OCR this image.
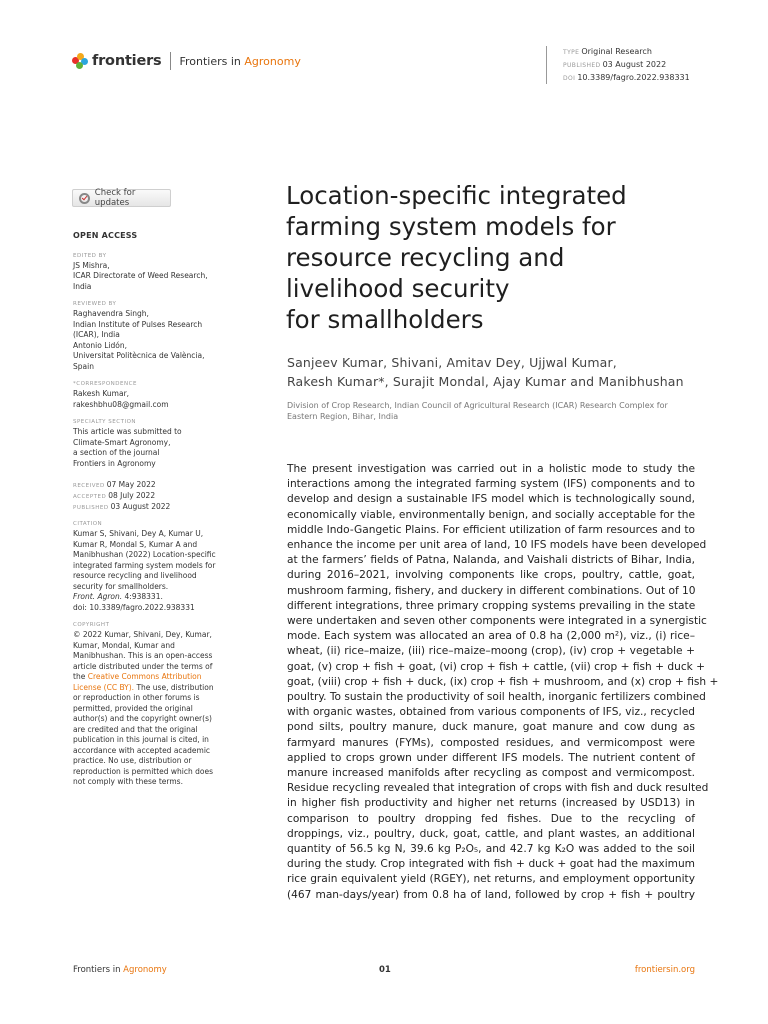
frontiers Frontiers in Agronomy
TYPE Original Research
PUBLISHED 03 August 2022
DOI 10.3389/fagro.2022.938331
Check for updates
OPEN ACCESS
EDITED BY
JS Mishra,
ICAR Directorate of Weed Research,
India
REVIEWED BY
Raghavendra Singh,
Indian Institute of Pulses Research
(ICAR), India
Antonio Lidón,
Universitat Politècnica de València,
Spain
*CORRESPONDENCE
Rakesh Kumar,
rakeshbhu08@gmail.com
SPECIALTY SECTION
This article was submitted to
Climate-Smart Agronomy,
a section of the journal
Frontiers in Agronomy
RECEIVED 07 May 2022
ACCEPTED 08 July 2022
PUBLISHED 03 August 2022
CITATION
Kumar S, Shivani, Dey A, Kumar U,
Kumar R, Mondal S, Kumar A and
Manibhushan (2022) Location-specific
integrated farming system models for
resource recycling and livelihood
security for smallholders.
Front. Agron. 4:938331.
doi: 10.3389/fagro.2022.938331
COPYRIGHT
© 2022 Kumar, Shivani, Dey, Kumar,
Kumar, Mondal, Kumar and
Manibhushan. This is an open-access
article distributed under the terms of
the Creative Commons Attribution
License (CC BY). The use, distribution
or reproduction in other forums is
permitted, provided the original
author(s) and the copyright owner(s)
are credited and that the original
publication in this journal is cited, in
accordance with accepted academic
practice. No use, distribution or
reproduction is permitted which does
not comply with these terms.
Location-specific integrated
farming system models for
resource recycling and
livelihood security
for smallholders
Sanjeev Kumar, Shivani, Amitav Dey, Ujjwal Kumar,
Rakesh Kumar*, Surajit Mondal, Ajay Kumar and Manibhushan
Division of Crop Research, Indian Council of Agricultural Research (ICAR) Research Complex for
Eastern Region, Bihar, India
The present investigation was carried out in a holistic mode to study the
interactions among the integrated farming system (IFS) components and to
develop and design a sustainable IFS model which is technologically sound,
economically viable, environmentally benign, and socially acceptable for the
middle Indo-Gangetic Plains. For efficient utilization of farm resources and to
enhance the income per unit area of land, 10 IFS models have been developed
at the farmers’ fields of Patna, Nalanda, and Vaishali districts of Bihar, India,
during 2016–2021, involving components like crops, poultry, cattle, goat,
mushroom farming, fishery, and duckery in different combinations. Out of 10
different integrations, three primary cropping systems prevailing in the state
were undertaken and seven other components were integrated in a synergistic
mode. Each system was allocated an area of 0.8 ha (2,000 m²), viz., (i) rice–
wheat, (ii) rice–maize, (iii) rice–maize–moong (crop), (iv) crop + vegetable +
goat, (v) crop + fish + goat, (vi) crop + fish + cattle, (vii) crop + fish + duck +
goat, (viii) crop + fish + duck, (ix) crop + fish + mushroom, and (x) crop + fish +
poultry. To sustain the productivity of soil health, inorganic fertilizers combined
with organic wastes, obtained from various components of IFS, viz., recycled
pond silts, poultry manure, duck manure, goat manure and cow dung as
farmyard manures (FYMs), composted residues, and vermicompost were
applied to crops grown under different IFS models. The nutrient content of
manure increased manifolds after recycling as compost and vermicompost.
Residue recycling revealed that integration of crops with fish and duck resulted
in higher fish productivity and higher net returns (increased by USD13) in
comparison to poultry dropping fed fishes. Due to the recycling of
droppings, viz., poultry, duck, goat, cattle, and plant wastes, an additional
quantity of 56.5 kg N, 39.6 kg P₂O₅, and 42.7 kg K₂O was added to the soil
during the study. Crop integrated with fish + duck + goat had the maximum
rice grain equivalent yield (RGEY), net returns, and employment opportunity
(467 man-days/year) from 0.8 ha of land, followed by crop + fish + poultry
Frontiers in Agronomy	01	frontiersin.org
